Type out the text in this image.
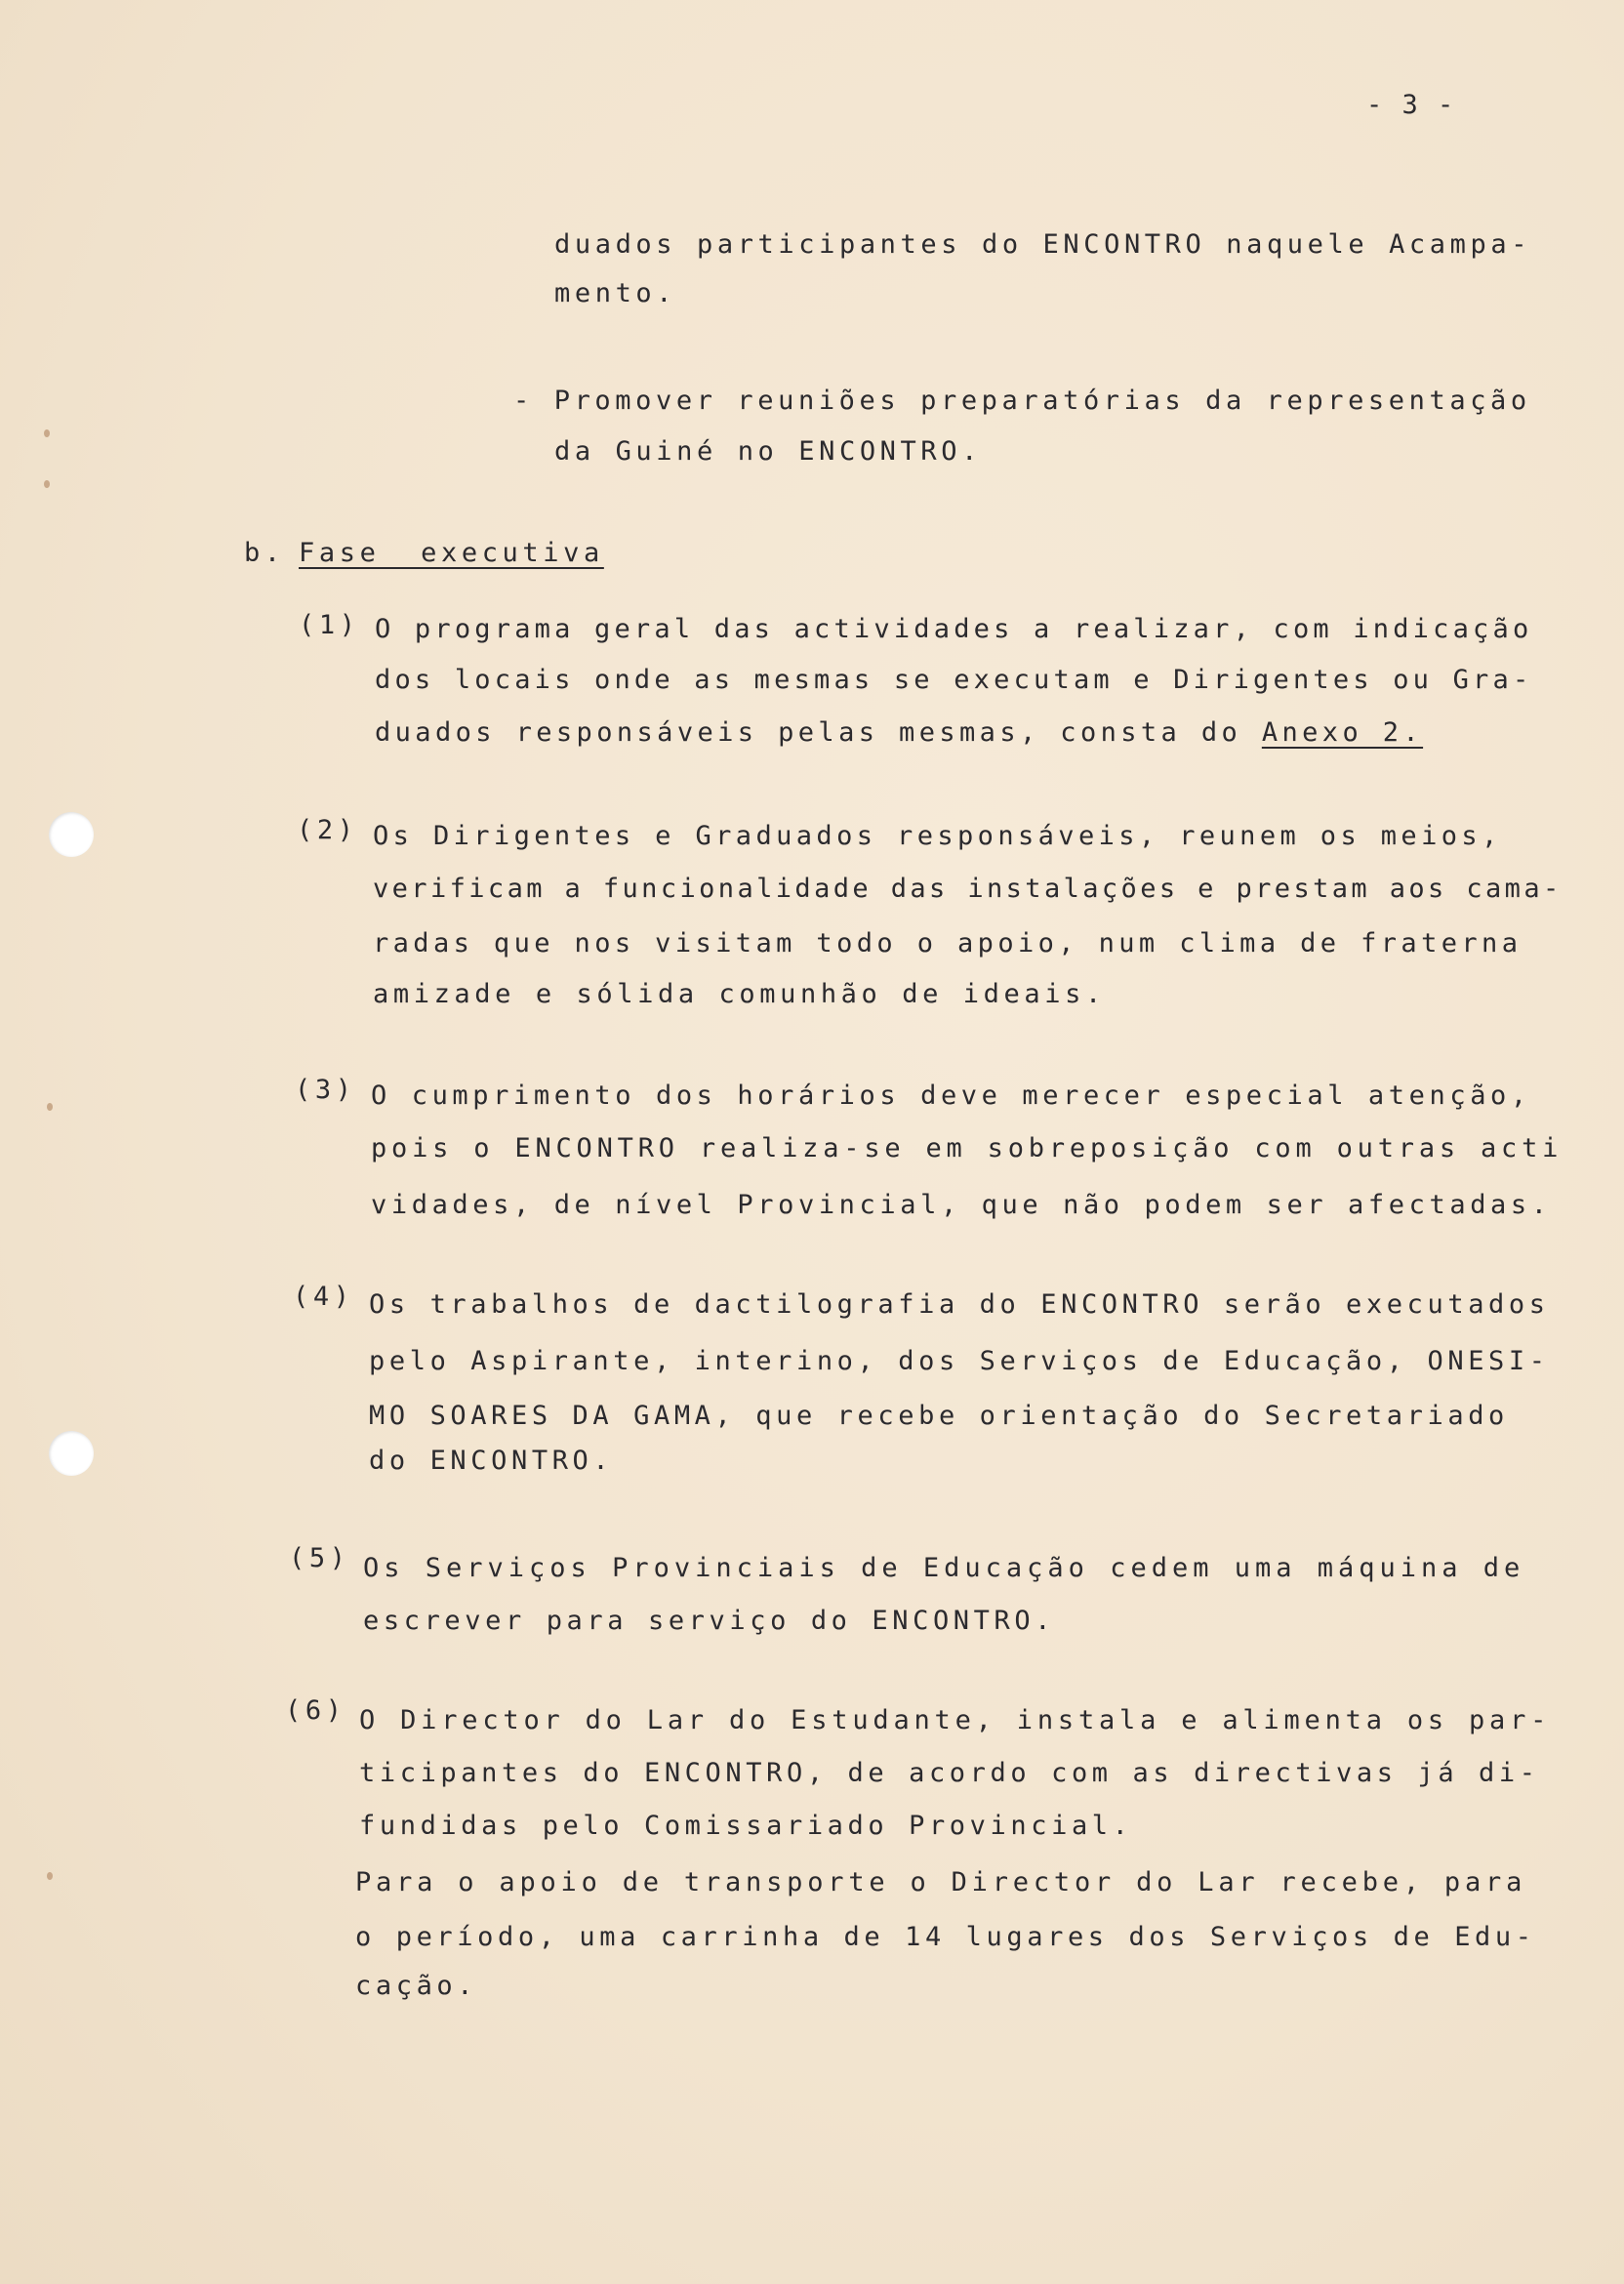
- 3 -
duados participantes do ENCONTRO naquele Acampa-
mento.
- Promover reuniões preparatórias da representação
da Guiné no ENCONTRO.
b. Fase  executiva
(1) O programa geral das actividades a realizar, com indicação
dos locais onde as mesmas se executam e Dirigentes ou Gra-
duados responsáveis pelas mesmas, consta do Anexo 2.
(2) Os Dirigentes e Graduados responsáveis, reunem os meios,
verificam a funcionalidade das instalações e prestam aos cama-
radas que nos visitam todo o apoio, num clima de fraterna
amizade e sólida comunhão de ideais.
(3) O cumprimento dos horários deve merecer especial atenção,
pois o ENCONTRO realiza-se em sobreposição com outras acti
vidades, de nível Provincial, que não podem ser afectadas.
(4) Os trabalhos de dactilografia do ENCONTRO serão executados
pelo Aspirante, interino, dos Serviços de Educação, ONESI-
MO SOARES DA GAMA, que recebe orientação do Secretariado
do ENCONTRO.
(5) Os Serviços Provinciais de Educação cedem uma máquina de
escrever para serviço do ENCONTRO.
(6) O Director do Lar do Estudante, instala e alimenta os par-
ticipantes do ENCONTRO, de acordo com as directivas já di-
fundidas pelo Comissariado Provincial.
Para o apoio de transporte o Director do Lar recebe, para
o período, uma carrinha de 14 lugares dos Serviços de Edu-
cação.
